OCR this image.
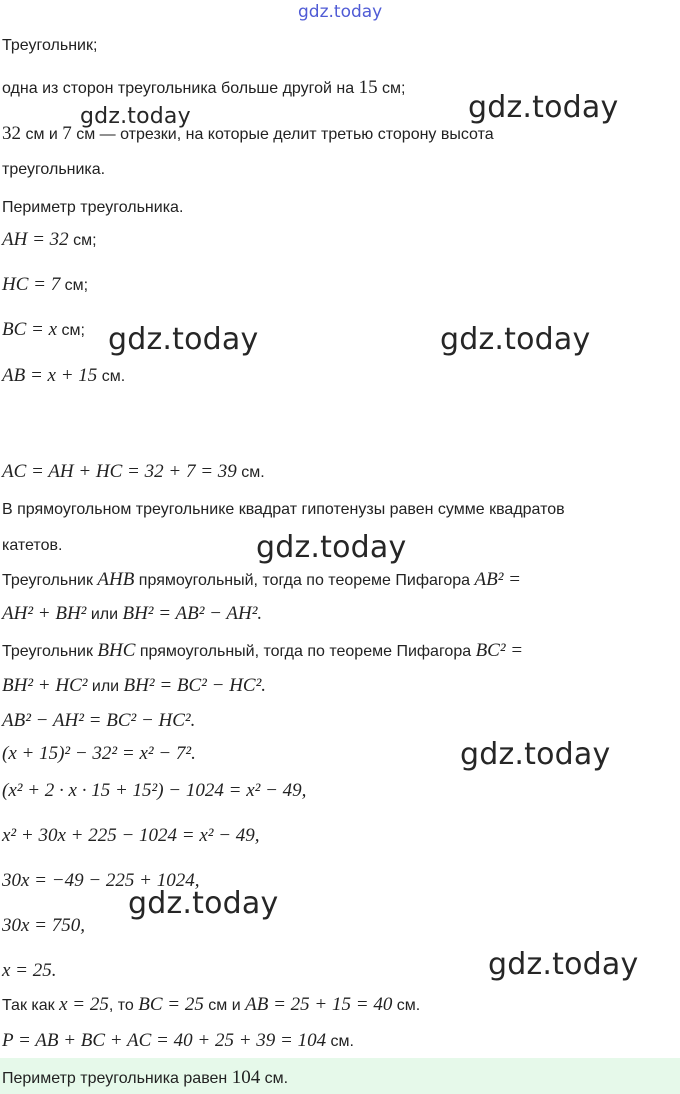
gdz.today
Треугольник;
одна из сторон треугольника больше другой на 15 см;
32 см и 7 см — отрезки, на которые делит третью сторону высота
треугольника.
Периметр треугольника.
AH = 32 см;
HC = 7 см;
BC = x см;
AB = x + 15 см.
AC = AH + HC = 32 + 7 = 39 см.
В прямоугольном треугольнике квадрат гипотенузы равен сумме квадратов
катетов.
Треугольник AHB прямоугольный, тогда по теореме Пифагора AB² =
AH² + BH² или BH² = AB² − AH².
Треугольник BHC прямоугольный, тогда по теореме Пифагора BC² =
BH² + HC² или BH² = BC² − HC².
AB² − AH² = BC² − HC².
(x + 15)² − 32² = x² − 7².
(x² + 2 · x · 15 + 15²) − 1024 = x² − 49,
x² + 30x + 225 − 1024 = x² − 49,
30x = −49 − 225 + 1024,
30x = 750,
x = 25.
Так как x = 25, то BC = 25 см и AB = 25 + 15 = 40 см.
P = AB + BC + AC = 40 + 25 + 39 = 104 см.
Периметр треугольника равен 104 см.
gdz.today	gdz.today
gdz.today	gdz.today
gdz.today
gdz.today
gdz.today
gdz.today
